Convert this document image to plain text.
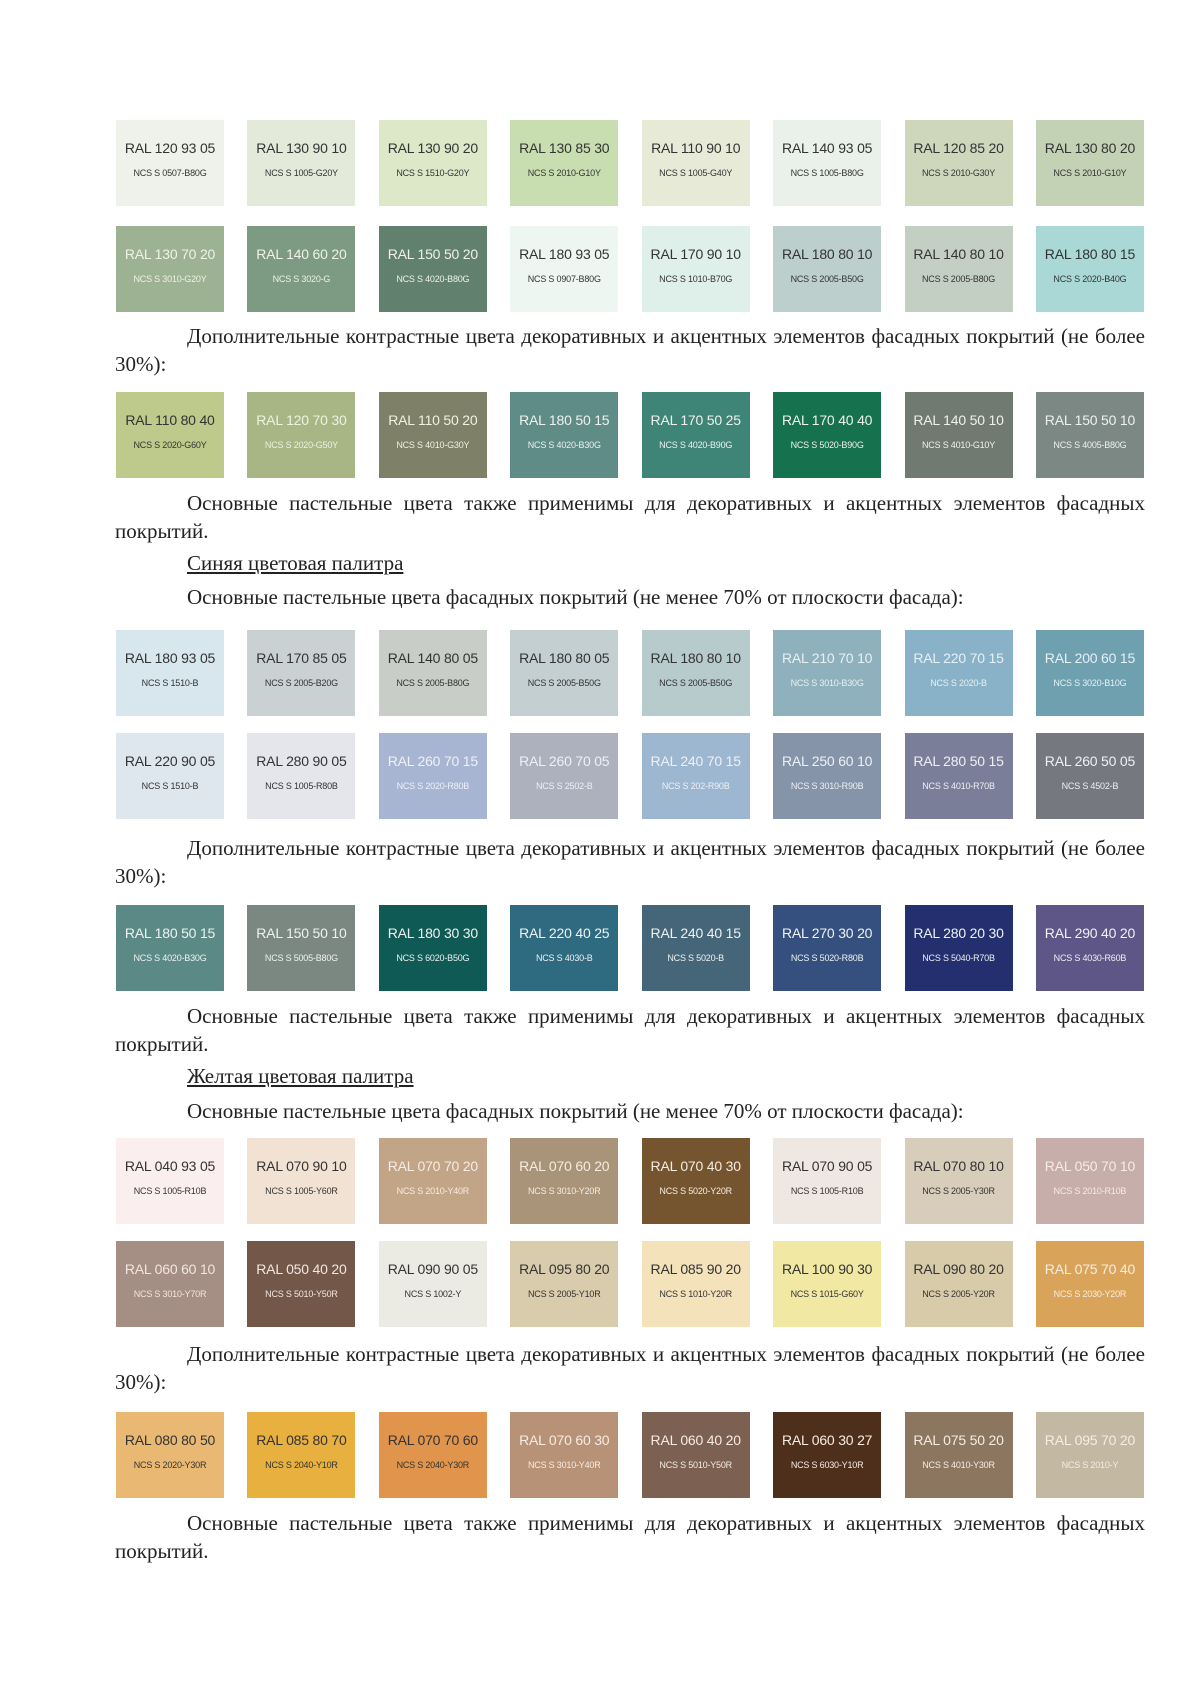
RAL 120 93 05
NCS S 0507-B80G
RAL 130 90 10
NCS S 1005-G20Y
RAL 130 90 20
NCS S 1510-G20Y
RAL 130 85 30
NCS S 2010-G10Y
RAL 110 90 10
NCS S 1005-G40Y
RAL 140 93 05
NCS S 1005-B80G
RAL 120 85 20
NCS S 2010-G30Y
RAL 130 80 20
NCS S 2010-G10Y
RAL 130 70 20
NCS S 3010-G20Y
RAL 140 60 20
NCS S 3020-G
RAL 150 50 20
NCS S 4020-B80G
RAL 180 93 05
NCS S 0907-B80G
RAL 170 90 10
NCS S 1010-B70G
RAL 180 80 10
NCS S 2005-B50G
RAL 140 80 10
NCS S 2005-B80G
RAL 180 80 15
NCS S 2020-B40G
Дополнительные контрастные цвета декоративных и акцентных элементов фасадных покрытий (не более 30%):
RAL 110 80 40
NCS S 2020-G60Y
RAL 120 70 30
NCS S 2020-G50Y
RAL 110 50 20
NCS S 4010-G30Y
RAL 180 50 15
NCS S 4020-B30G
RAL 170 50 25
NCS S 4020-B90G
RAL 170 40 40
NCS S 5020-B90G
RAL 140 50 10
NCS S 4010-G10Y
RAL 150 50 10
NCS S 4005-B80G
Основные пастельные цвета также применимы для декоративных и акцентных элементов фасадных покрытий.
Синяя цветовая палитра
Основные пастельные цвета фасадных покрытий (не менее 70% от плоскости фасада):
RAL 180 93 05
NCS S 1510-B
RAL 170 85 05
NCS S 2005-B20G
RAL 140 80 05
NCS S 2005-B80G
RAL 180 80 05
NCS S 2005-B50G
RAL 180 80 10
NCS S 2005-B50G
RAL 210 70 10
NCS S 3010-B30G
RAL 220 70 15
NCS S 2020-B
RAL 200 60 15
NCS S 3020-B10G
RAL 220 90 05
NCS S 1510-B
RAL 280 90 05
NCS S 1005-R80B
RAL 260 70 15
NCS S 2020-R80B
RAL 260 70 05
NCS S 2502-B
RAL 240 70 15
NCS S 202-R90B
RAL 250 60 10
NCS S 3010-R90B
RAL 280 50 15
NCS S 4010-R70B
RAL 260 50 05
NCS S 4502-B
Дополнительные контрастные цвета декоративных и акцентных элементов фасадных покрытий (не более 30%):
RAL 180 50 15
NCS S 4020-B30G
RAL 150 50 10
NCS S 5005-B80G
RAL 180 30 30
NCS S 6020-B50G
RAL 220 40 25
NCS S 4030-B
RAL 240 40 15
NCS S 5020-B
RAL 270 30 20
NCS S 5020-R80B
RAL 280 20 30
NCS S 5040-R70B
RAL 290 40 20
NCS S 4030-R60B
Основные пастельные цвета также применимы для декоративных и акцентных элементов фасадных покрытий.
Желтая цветовая палитра
Основные пастельные цвета фасадных покрытий (не менее 70% от плоскости фасада):
RAL 040 93 05
NCS S 1005-R10B
RAL 070 90 10
NCS S 1005-Y60R
RAL 070 70 20
NCS S 2010-Y40R
RAL 070 60 20
NCS S 3010-Y20R
RAL 070 40 30
NCS S 5020-Y20R
RAL 070 90 05
NCS S 1005-R10B
RAL 070 80 10
NCS S 2005-Y30R
RAL 050 70 10
NCS S 2010-R10B
RAL 060 60 10
NCS S 3010-Y70R
RAL 050 40 20
NCS S 5010-Y50R
RAL 090 90 05
NCS S 1002-Y
RAL 095 80 20
NCS S 2005-Y10R
RAL 085 90 20
NCS S 1010-Y20R
RAL 100 90 30
NCS S 1015-G60Y
RAL 090 80 20
NCS S 2005-Y20R
RAL 075 70 40
NCS S 2030-Y20R
Дополнительные контрастные цвета декоративных и акцентных элементов фасадных покрытий (не более 30%):
RAL 080 80 50
NCS S 2020-Y30R
RAL 085 80 70
NCS S 2040-Y10R
RAL 070 70 60
NCS S 2040-Y30R
RAL 070 60 30
NCS S 3010-Y40R
RAL 060 40 20
NCS S 5010-Y50R
RAL 060 30 27
NCS S 6030-Y10R
RAL 075 50 20
NCS S 4010-Y30R
RAL 095 70 20
NCS S 2010-Y
Основные пастельные цвета также применимы для декоративных и акцентных элементов фасадных покрытий.
